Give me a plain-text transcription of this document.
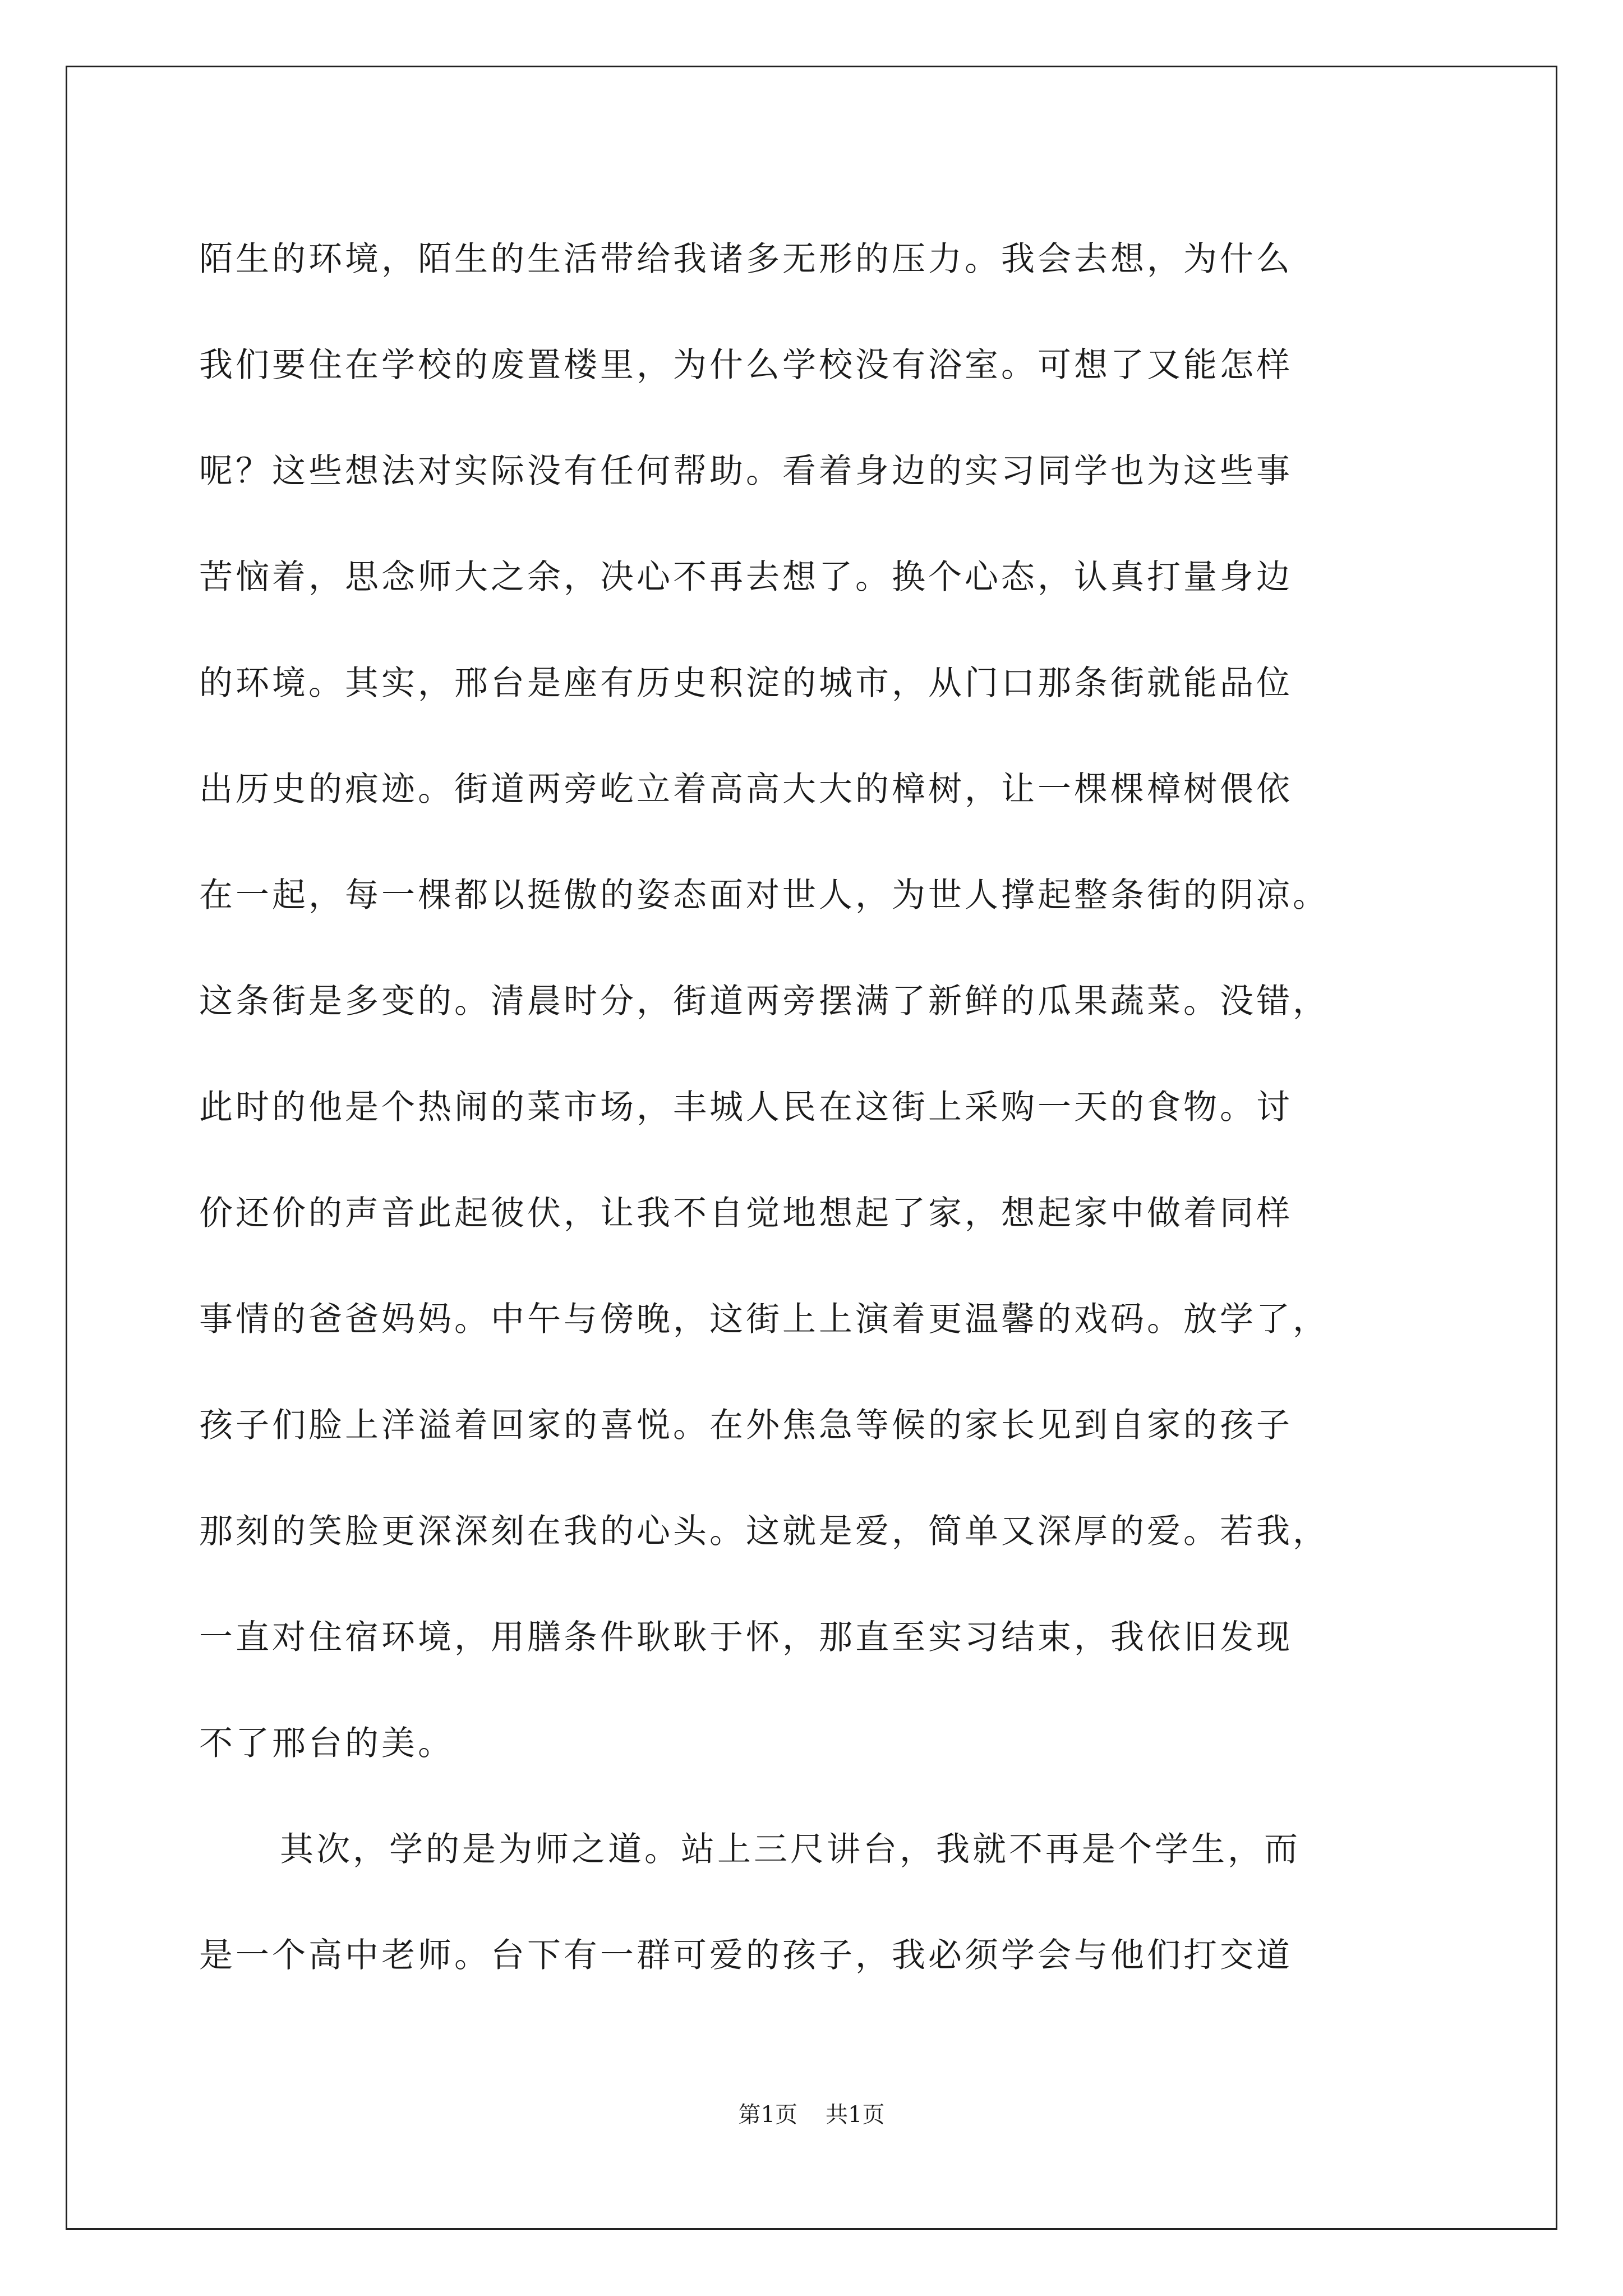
陌生的环境，陌生的生活带给我诸多无形的压力。我会去想，为什么
我们要住在学校的废置楼里，为什么学校没有浴室。可想了又能怎样
呢？这些想法对实际没有任何帮助。看着身边的实习同学也为这些事
苦恼着，思念师大之余，决心不再去想了。换个心态，认真打量身边
的环境。其实，邢台是座有历史积淀的城市，从门口那条街就能品位
出历史的痕迹。街道两旁屹立着高高大大的樟树，让一棵棵樟树偎依
在一起，每一棵都以挺傲的姿态面对世人，为世人撑起整条街的阴凉。
这条街是多变的。清晨时分，街道两旁摆满了新鲜的瓜果蔬菜。没错，
此时的他是个热闹的菜市场，丰城人民在这街上采购一天的食物。讨
价还价的声音此起彼伏，让我不自觉地想起了家，想起家中做着同样
事情的爸爸妈妈。中午与傍晚，这街上上演着更温馨的戏码。放学了，
孩子们脸上洋溢着回家的喜悦。在外焦急等候的家长见到自家的孩子
那刻的笑脸更深深刻在我的心头。这就是爱，简单又深厚的爱。若我，
一直对住宿环境，用膳条件耿耿于怀，那直至实习结束，我依旧发现
不了邢台的美。
其次，学的是为师之道。站上三尺讲台，我就不再是个学生，而
是一个高中老师。台下有一群可爱的孩子，我必须学会与他们打交道
第1页 共1页
